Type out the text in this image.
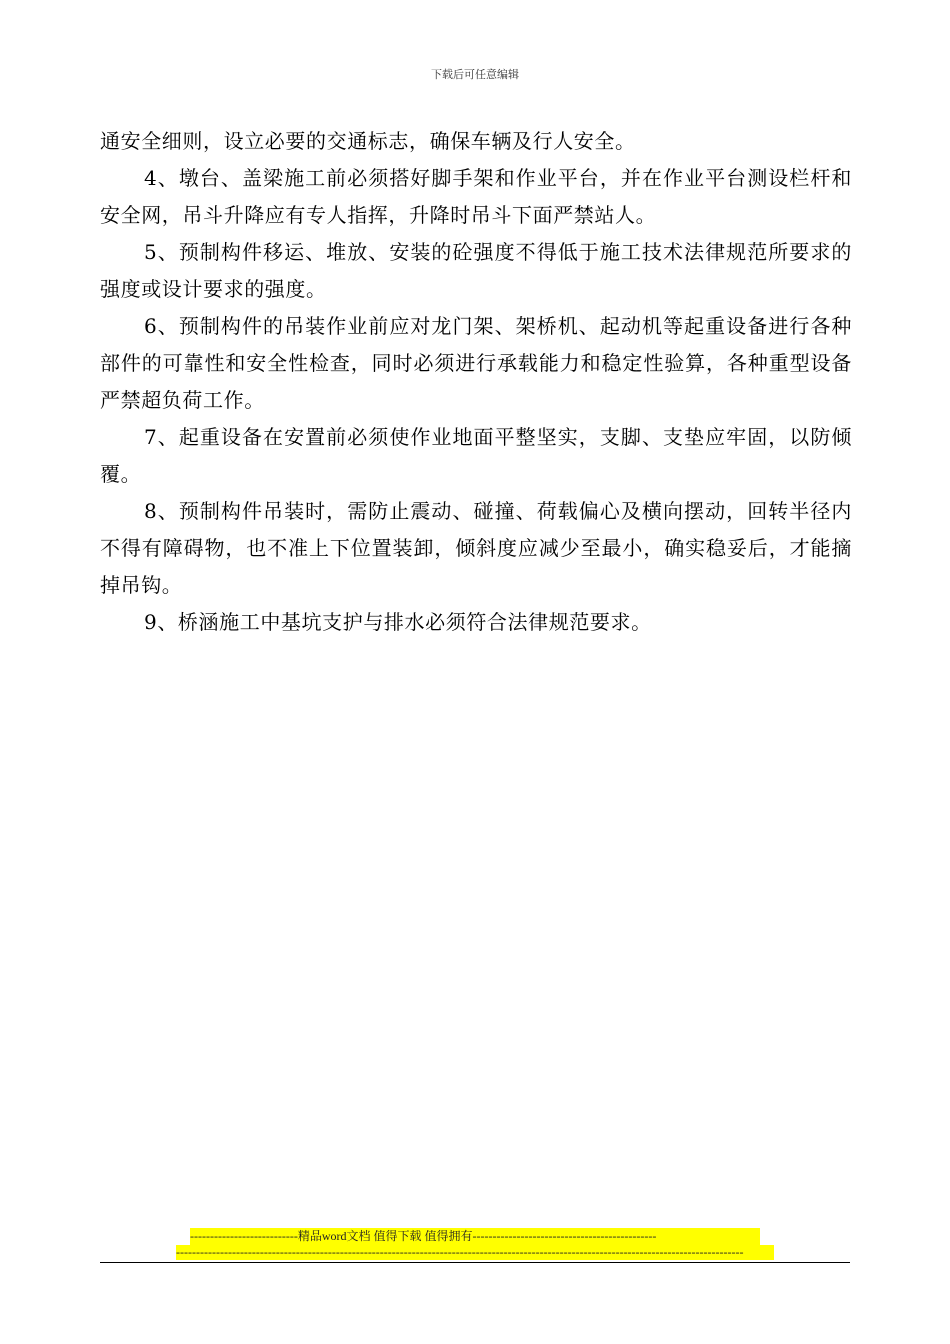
下载后可任意编辑

通安全细则，设立必要的交通标志，确保车辆及行人安全。

4、墩台、盖梁施工前必须搭好脚手架和作业平台，并在作业平台测设栏杆和安全网，吊斗升降应有专人指挥，升降时吊斗下面严禁站人。

5、预制构件移运、堆放、安装的砼强度不得低于施工技术法律规范所要求的强度或设计要求的强度。

6、预制构件的吊装作业前应对龙门架、架桥机、起动机等起重设备进行各种部件的可靠性和安全性检查，同时必须进行承载能力和稳定性验算，各种重型设备严禁超负荷工作。

7、起重设备在安置前必须使作业地面平整坚实，支脚、支垫应牢固，以防倾覆。

8、预制构件吊装时，需防止震动、碰撞、荷载偏心及横向摆动，回转半径内不得有障碍物，也不准上下位置装卸，倾斜度应减少至最小，确实稳妥后，才能摘掉吊钩。

9、桥涵施工中基坑支护与排水必须符合法律规范要求。

---------------------------精品word文档 值得下载 值得拥有----------------------------------------------
----------------------------------------------------------------------------------------------------------------------------------------------
